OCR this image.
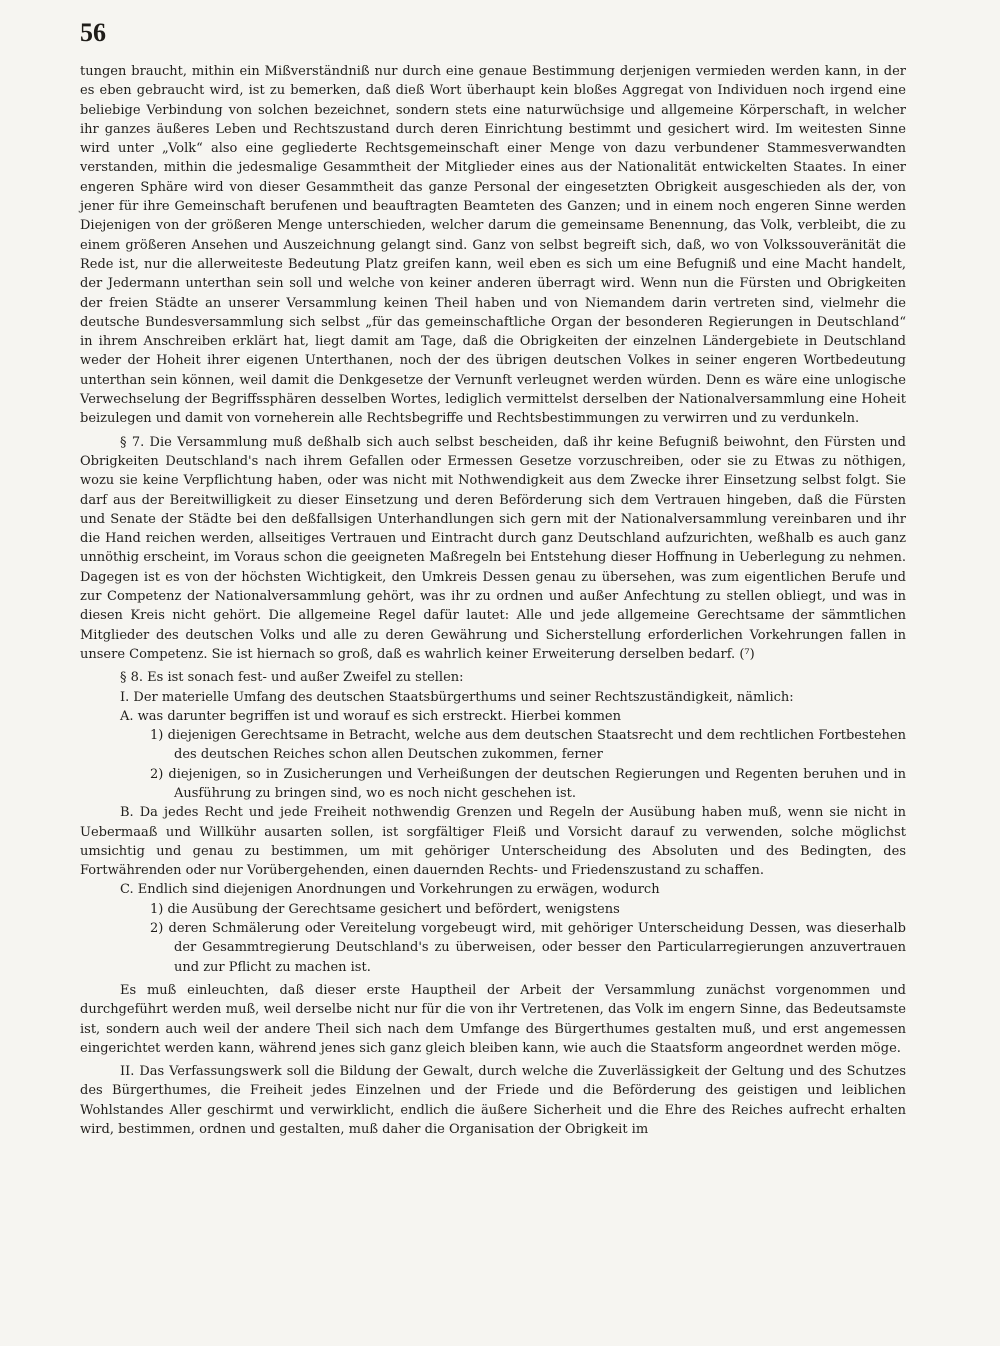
56

tungen braucht, mithin ein Mißverständniß nur durch eine genaue Bestimmung derjenigen vermieden werden kann, in der es eben gebraucht wird, ist zu bemerken, daß dieß Wort überhaupt kein bloßes Aggregat von Individuen noch irgend eine beliebige Verbindung von solchen bezeichnet, sondern stets eine naturwüchsige und allgemeine Körperschaft, in welcher ihr ganzes äußeres Leben und Rechtszustand durch deren Einrichtung bestimmt und gesichert wird. Im weitesten Sinne wird unter „Volk“ also eine gegliederte Rechtsgemeinschaft einer Menge von dazu verbundener Stammesverwandten verstanden, mithin die jedesmalige Gesammtheit der Mitglieder eines aus der Nationalität entwickelten Staates. In einer engeren Sphäre wird von dieser Gesammtheit das ganze Personal der eingesetzten Obrigkeit ausgeschieden als der, von jener für ihre Gemeinschaft berufenen und beauftragten Beamteten des Ganzen; und in einem noch engeren Sinne werden Diejenigen von der größeren Menge unterschieden, welcher darum die gemeinsame Benennung, das Volk, verbleibt, die zu einem größeren Ansehen und Auszeichnung gelangt sind. Ganz von selbst begreift sich, daß, wo von Volkssouveränität die Rede ist, nur die allerweiteste Bedeutung Platz greifen kann, weil eben es sich um eine Befugniß und eine Macht handelt, der Jedermann unterthan sein soll und welche von keiner anderen überragt wird. Wenn nun die Fürsten und Obrigkeiten der freien Städte an unserer Versammlung keinen Theil haben und von Niemandem darin vertreten sind, vielmehr die deutsche Bundesversammlung sich selbst „für das gemeinschaftliche Organ der besonderen Regierungen in Deutschland“ in ihrem Anschreiben erklärt hat, liegt damit am Tage, daß die Obrigkeiten der einzelnen Ländergebiete in Deutschland weder der Hoheit ihrer eigenen Unterthanen, noch der des übrigen deutschen Volkes in seiner engeren Wortbedeutung unterthan sein können, weil damit die Denkgesetze der Vernunft verleugnet werden würden. Denn es wäre eine unlogische Verwechselung der Begriffssphären desselben Wortes, lediglich vermittelst derselben der Nationalversammlung eine Hoheit beizulegen und damit von vorneherein alle Rechtsbegriffe und Rechtsbestimmungen zu verwirren und zu verdunkeln.

§ 7. Die Versammlung muß deßhalb sich auch selbst bescheiden, daß ihr keine Befugniß beiwohnt, den Fürsten und Obrigkeiten Deutschland's nach ihrem Gefallen oder Ermessen Gesetze vorzuschreiben, oder sie zu Etwas zu nöthigen, wozu sie keine Verpflichtung haben, oder was nicht mit Nothwendigkeit aus dem Zwecke ihrer Einsetzung selbst folgt. Sie darf aus der Bereitwilligkeit zu dieser Einsetzung und deren Beförderung sich dem Vertrauen hingeben, daß die Fürsten und Senate der Städte bei den deßfallsigen Unterhandlungen sich gern mit der Nationalversammlung vereinbaren und ihr die Hand reichen werden, allseitiges Vertrauen und Eintracht durch ganz Deutschland aufzurichten, weßhalb es auch ganz unnöthig erscheint, im Voraus schon die geeigneten Maßregeln bei Entstehung dieser Hoffnung in Ueberlegung zu nehmen. Dagegen ist es von der höchsten Wichtigkeit, den Umkreis Dessen genau zu übersehen, was zum eigentlichen Berufe und zur Competenz der Nationalversammlung gehört, was ihr zu ordnen und außer Anfechtung zu stellen obliegt, und was in diesen Kreis nicht gehört. Die allgemeine Regel dafür lautet: Alle und jede allgemeine Gerechtsame der sämmtlichen Mitglieder des deutschen Volks und alle zu deren Gewährung und Sicherstellung erforderlichen Vorkehrungen fallen in unsere Competenz. Sie ist hiernach so groß, daß es wahrlich keiner Erweiterung derselben bedarf. (⁷)

§ 8. Es ist sonach fest- und außer Zweifel zu stellen:

I. Der materielle Umfang des deutschen Staatsbürgerthums und seiner Rechtszuständigkeit, nämlich:

A. was darunter begriffen ist und worauf es sich erstreckt. Hierbei kommen

1) diejenigen Gerechtsame in Betracht, welche aus dem deutschen Staatsrecht und dem rechtlichen Fortbestehen des deutschen Reiches schon allen Deutschen zukommen, ferner

2) diejenigen, so in Zusicherungen und Verheißungen der deutschen Regierungen und Regenten beruhen und in Ausführung zu bringen sind, wo es noch nicht geschehen ist.

B. Da jedes Recht und jede Freiheit nothwendig Grenzen und Regeln der Ausübung haben muß, wenn sie nicht in Uebermaaß und Willkühr ausarten sollen, ist sorgfältiger Fleiß und Vorsicht darauf zu verwenden, solche möglichst umsichtig und genau zu bestimmen, um mit gehöriger Unterscheidung des Absoluten und des Bedingten, des Fortwährenden oder nur Vorübergehenden, einen dauernden Rechts- und Friedenszustand zu schaffen.

C. Endlich sind diejenigen Anordnungen und Vorkehrungen zu erwägen, wodurch

1) die Ausübung der Gerechtsame gesichert und befördert, wenigstens

2) deren Schmälerung oder Vereitelung vorgebeugt wird, mit gehöriger Unterscheidung Dessen, was dieserhalb der Gesammtregierung Deutschland's zu überweisen, oder besser den Particularregierungen anzuvertrauen und zur Pflicht zu machen ist.

Es muß einleuchten, daß dieser erste Hauptheil der Arbeit der Versammlung zunächst vorgenommen und durchgeführt werden muß, weil derselbe nicht nur für die von ihr Vertretenen, das Volk im engern Sinne, das Bedeutsamste ist, sondern auch weil der andere Theil sich nach dem Umfange des Bürgerthumes gestalten muß, und erst angemessen eingerichtet werden kann, während jenes sich ganz gleich bleiben kann, wie auch die Staatsform angeordnet werden möge.

II. Das Verfassungswerk soll die Bildung der Gewalt, durch welche die Zuverlässigkeit der Geltung und des Schutzes des Bürgerthumes, die Freiheit jedes Einzelnen und der Friede und die Beförderung des geistigen und leiblichen Wohlstandes Aller geschirmt und verwirklicht, endlich die äußere Sicherheit und die Ehre des Reiches aufrecht erhalten wird, bestimmen, ordnen und gestalten, muß daher die Organisation der Obrigkeit im
